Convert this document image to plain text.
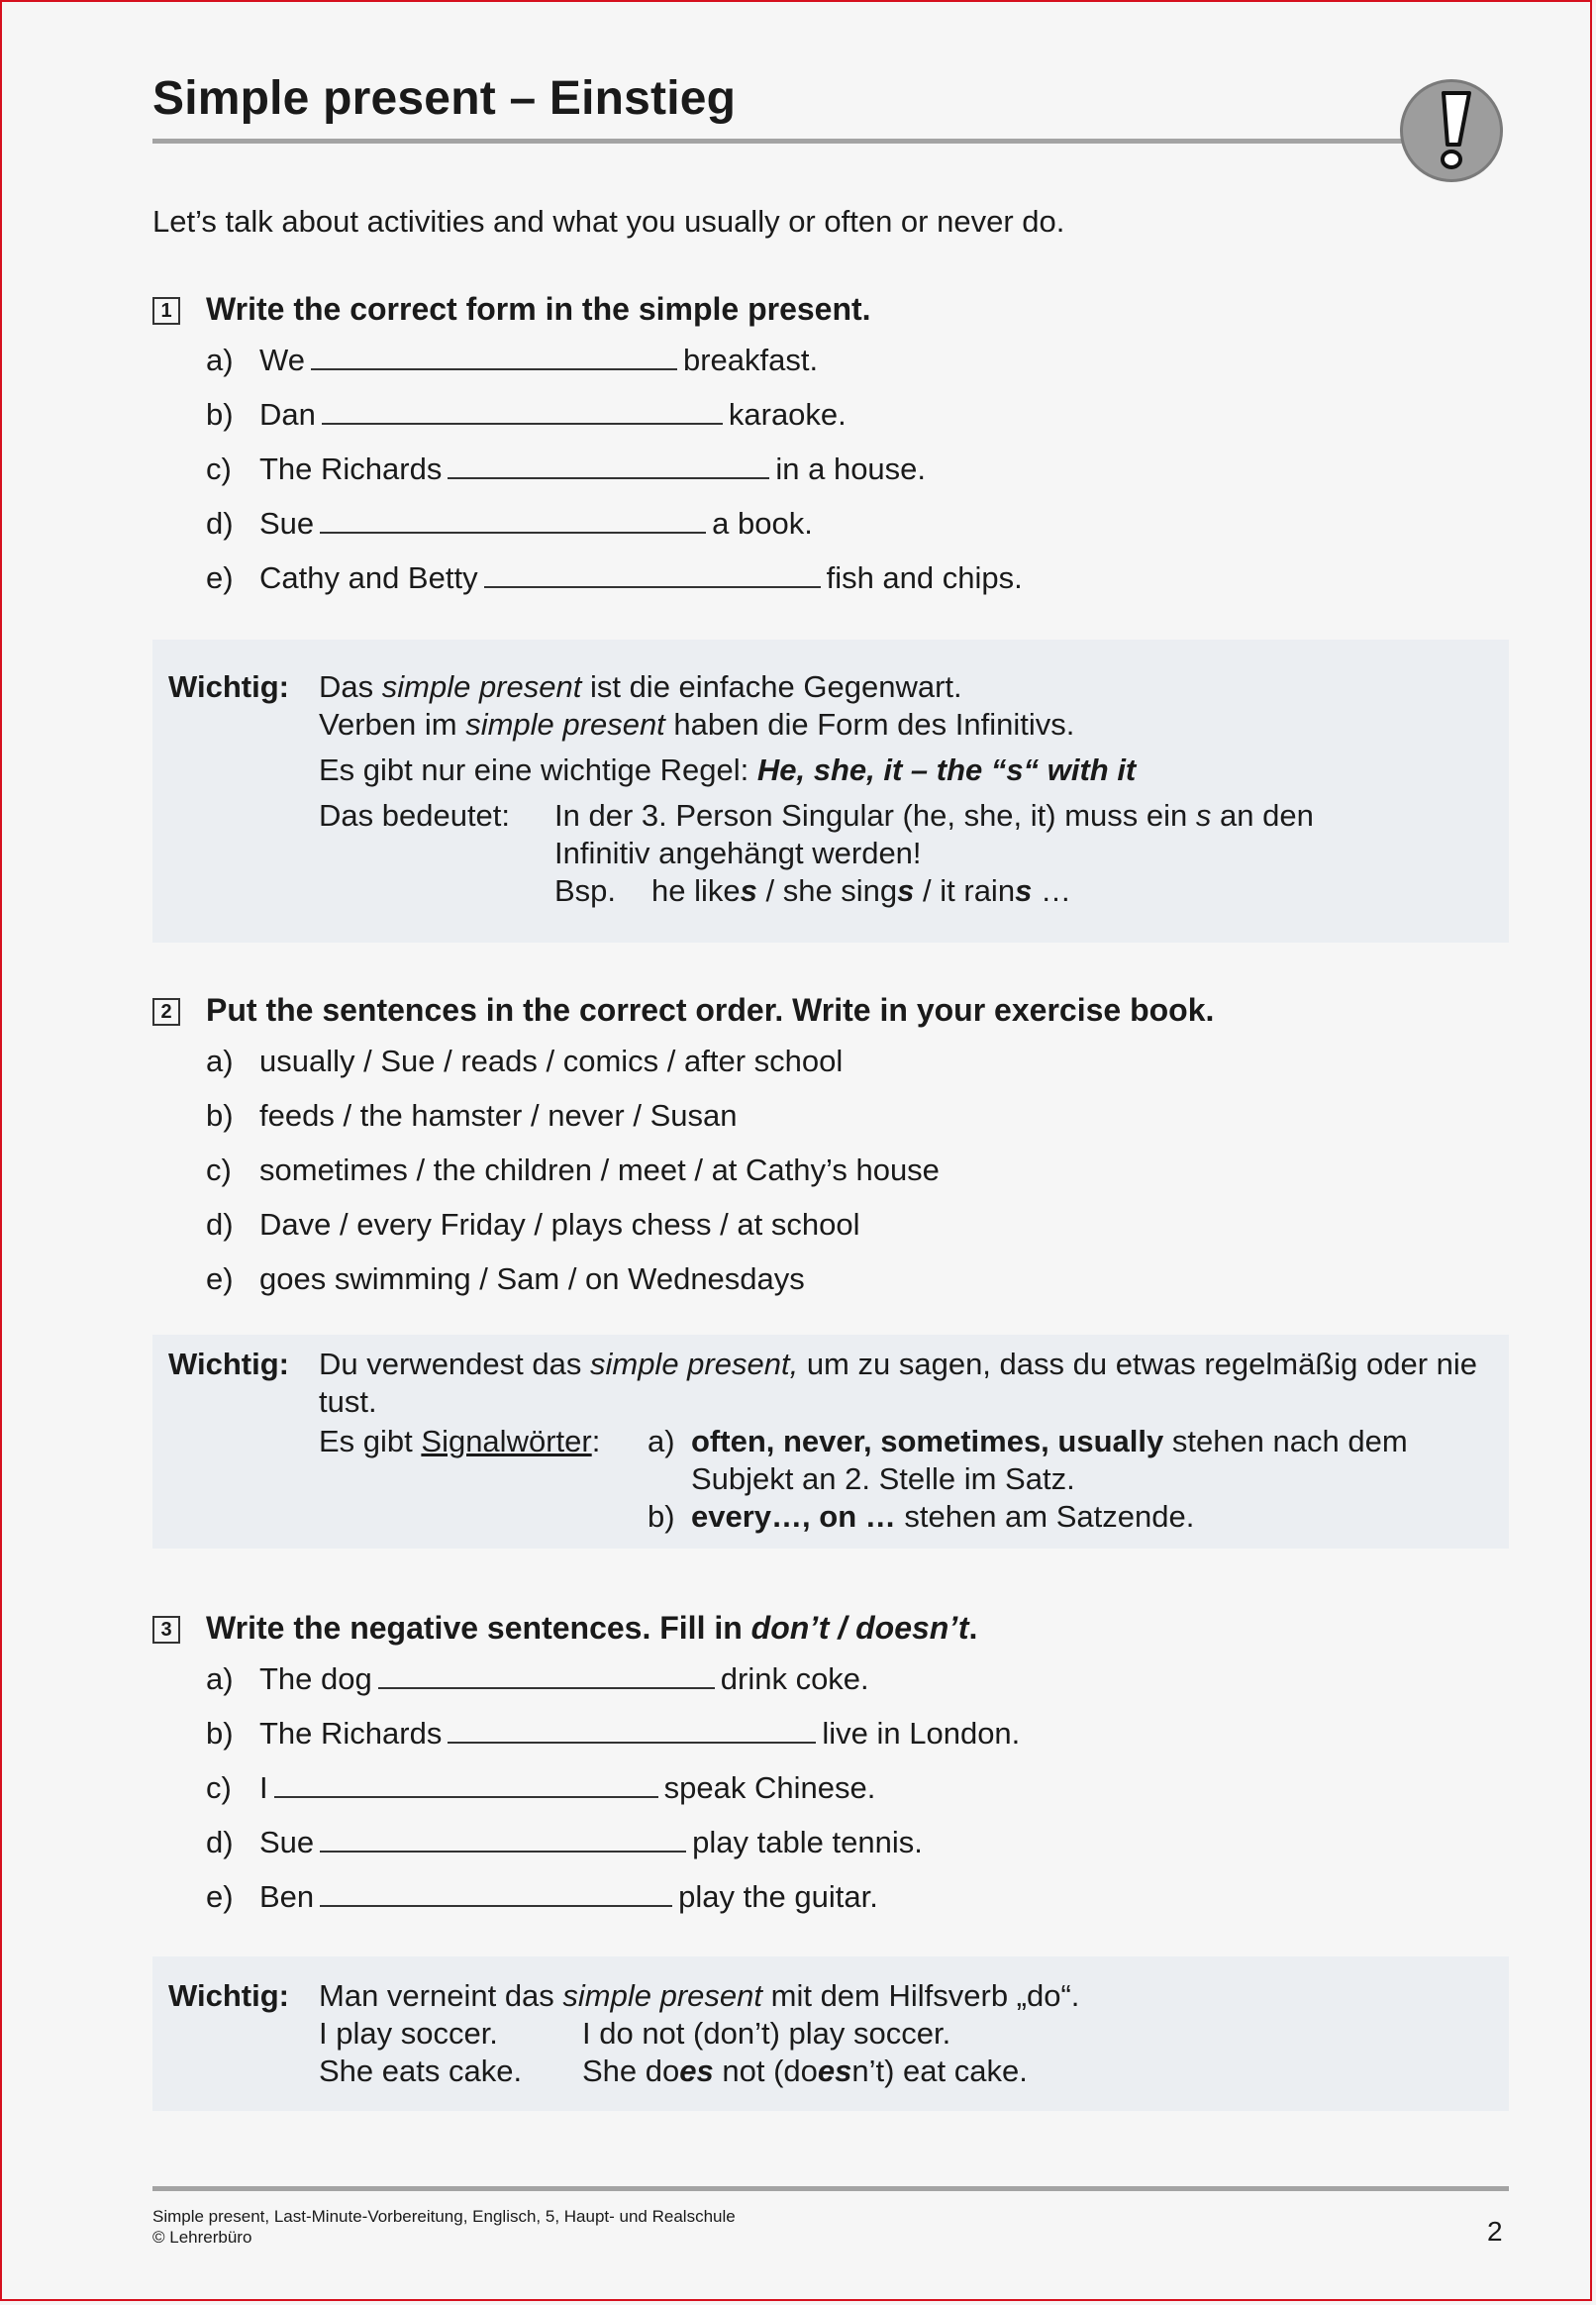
Simple present – Einstieg
Let’s talk about activities and what you usually or often or never do.
1 Write the correct form in the simple present.
a) We	breakfast.
b) Dan	karaoke.
c) The Richards	in a house.
d) Sue	a book.
e) Cathy and Betty	fish and chips.
Wichtig: Das simple present ist die einfache Gegenwart.
Verben im simple present haben die Form des Infinitivs.
Es gibt nur eine wichtige Regel: He, she, it – the “s“ with it
Das bedeutet: In der 3. Person Singular (he, she, it) muss ein s an den
Infinitiv angehängt werden!
Bsp. he likes / she sings / it rains …
2 Put the sentences in the correct order. Write in your exercise book.
a) usually / Sue / reads / comics / after school
b) feeds / the hamster / never / Susan
c) sometimes / the children / meet / at Cathy’s house
d) Dave / every Friday / plays chess / at school
e) goes swimming / Sam / on Wednesdays
Wichtig: Du verwendest das simple present, um zu sagen, dass du etwas regelmäßig oder nie
tust.
Es gibt Signalwörter: a) often, never, sometimes, usually stehen nach dem
Subjekt an 2. Stelle im Satz.
b) every…, on … stehen am Satzende.
3 Write the negative sentences. Fill in don’t / doesn’t.
a) The dog	drink coke.
b) The Richards	live in London.
c) I	speak Chinese.
d) Sue	play table tennis.
e) Ben	play the guitar.
Wichtig: Man verneint das simple present mit dem Hilfsverb „do“.
I play soccer.	I do not (don’t) play soccer.
She eats cake. She does not (doesn’t) eat cake.
Simple present, Last-Minute-Vorbereitung, Englisch, 5, Haupt- und Realschule
© Lehrerbüro	2
